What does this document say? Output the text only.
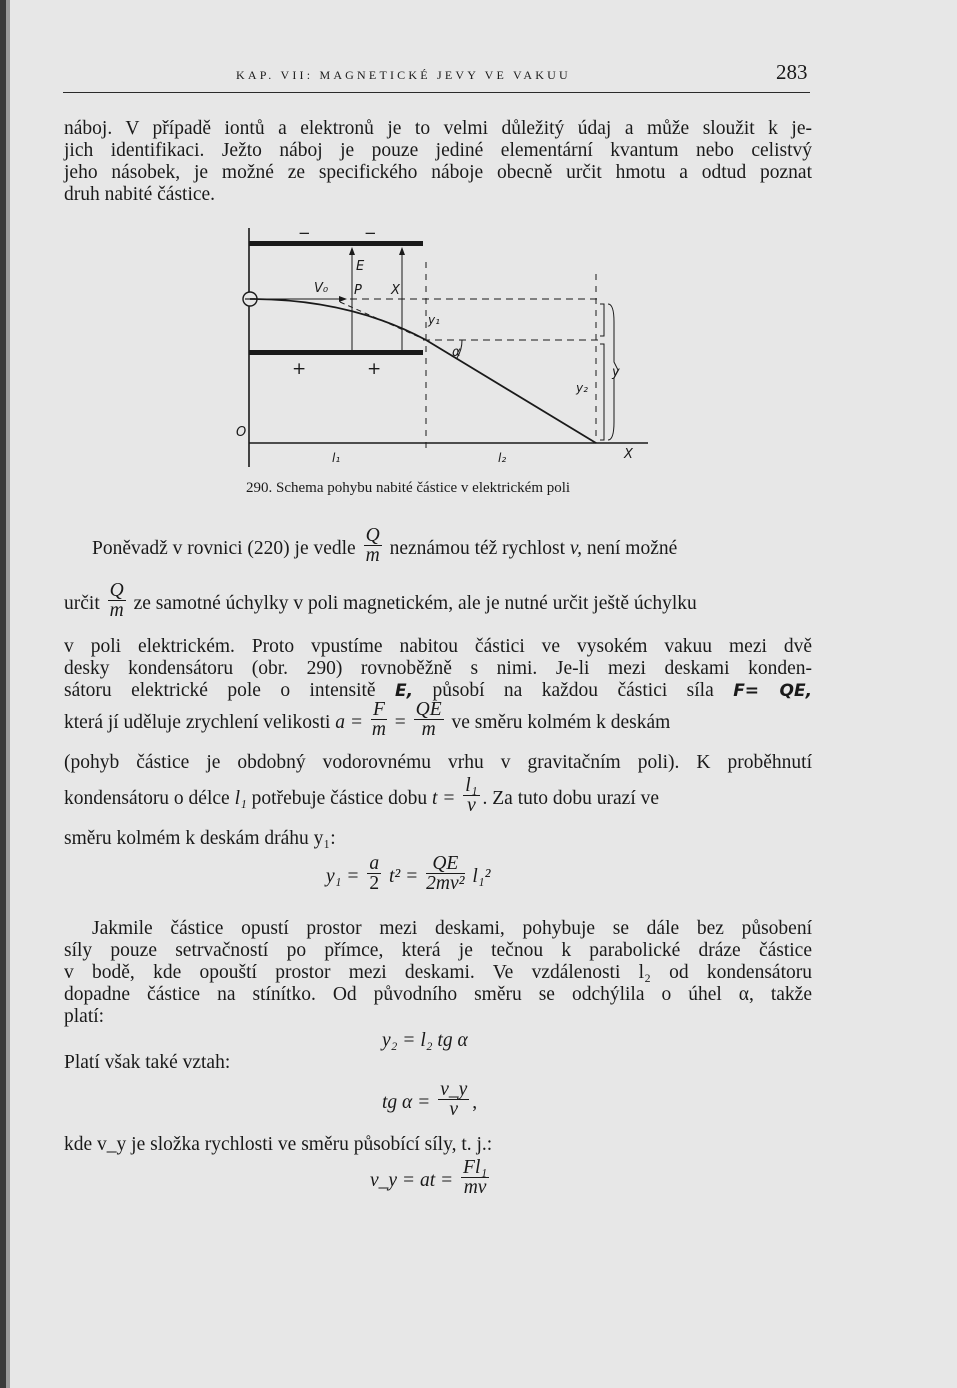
KAP. VII: MAGNETICKÉ JEVY VE VAKUU	283
náboj. V případě iontů a elektronů je to velmi důležitý údaj a může sloužit k je-
jich identifikaci. Ježto náboj je pouze jediné elementární kvantum nebo celistvý
jeho násobek, je možné ze specifického náboje obecně určit hmotu a odtud poznat
druh nabité částice.
−	−
+	+
E
V₀ P X
y₁
α
y₂
y
O
l₁	l₂	X
290. Schema pohybu nabité částice v elektrickém poli
Poněvadž v rovnici (220) je vedle $\frac{Q}{m}$ neznámou též rychlost v, není možné
určit $\frac{Q}{m}$ ze samotné úchylky v poli magnetickém, ale je nutné určit ještě úchylku
v poli elektrickém. Proto vpustíme nabitou částici ve vysokém vakuu mezi dvě
desky kondensátoru (obr. 290) rovnoběžně s nimi. Je-li mezi deskami konden-
sátoru elektrické pole o intensitě E, působí na každou částici síla F= QE,
která jí uděluje zrychlení velikosti $a = \frac{F}{m} = \frac{QE}{m}$ ve směru kolmém k deskám
(pohyb částice je obdobný vodorovnému vrhu v gravitačním poli). K proběhnutí
kondensátoru o délce l₁ potřebuje částice dobu $t = \frac{\text{l₁}}{v}$ . Za tuto dobu urazí ve
směru kolmém k deskám dráhu y₁:
$y_1 = \frac{a}{2} t^2 = \frac{QE}{\text{2mv²}} l_1^2$
Jakmile částice opustí prostor mezi deskami, pohybuje se dále bez působení
síly pouze setrvačností po přímce, která je tečnou k parabolické dráze částice
v bodě, kde opouští prostor mezi deskami. Ve vzdálenosti l₂ od kondensátoru
dopadne částice na stínítko. Od původního směru se odchýlila o úhel α, takže
platí:
y₂ = l₂ tg α
Platí však také vztah:
tg $\alpha = \frac{v\_y}{v}$ ,
kde v_y je složka rychlosti ve směru působící síly, t. j.:
v_y = at = $\frac{\text{Fl₁}}{mv}$
